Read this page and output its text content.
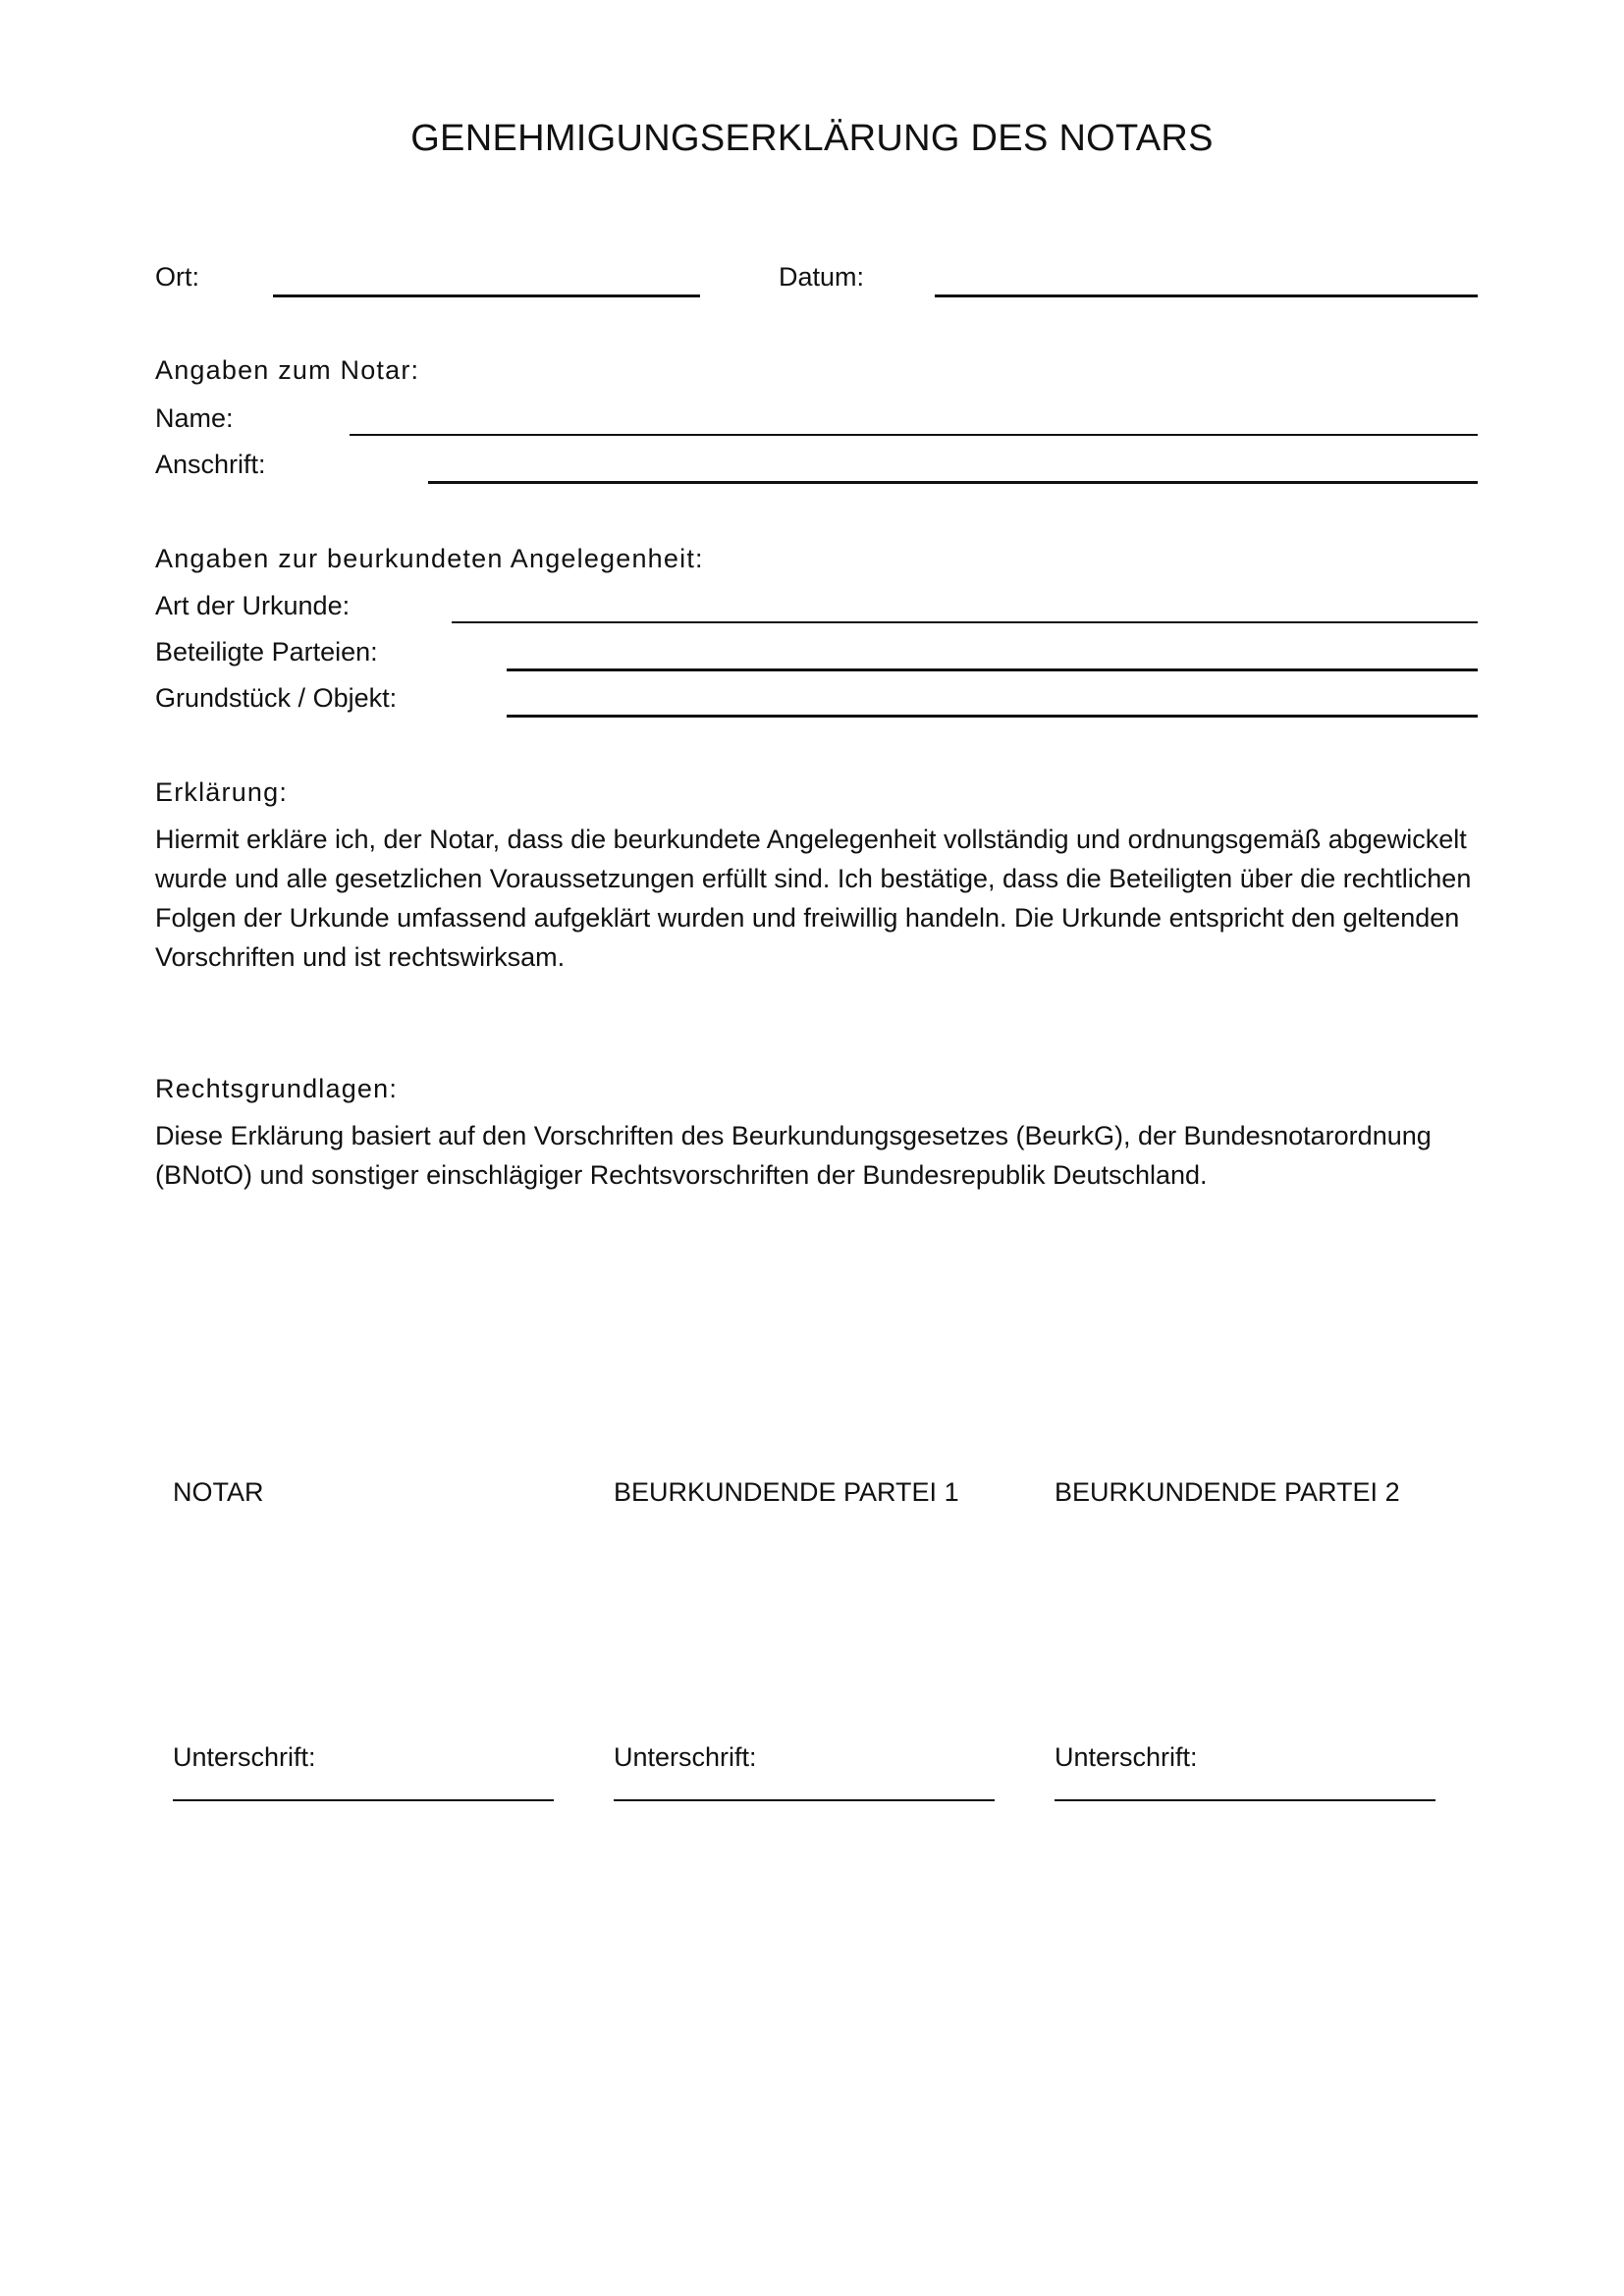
GENEHMIGUNGSERKLÄRUNG DES NOTARS
Ort:	Datum:
Angaben zum Notar:
Name:
Anschrift:
Angaben zur beurkundeten Angelegenheit:
Art der Urkunde:
Beteiligte Parteien:
Grundstück / Objekt:
Erklärung:
Hiermit erkläre ich, der Notar, dass die beurkundete Angelegenheit vollständig und ordnungsgemäß abgewickelt wurde und alle gesetzlichen Voraussetzungen erfüllt sind. Ich bestätige, dass die Beteiligten über die rechtlichen Folgen der Urkunde umfassend aufgeklärt wurden und freiwillig handeln. Die Urkunde entspricht den geltenden Vorschriften und ist rechtswirksam.
Rechtsgrundlagen:
Diese Erklärung basiert auf den Vorschriften des Beurkundungsgesetzes (BeurkG), der Bundesnotarordnung (BNotO) und sonstiger einschlägiger Rechtsvorschriften der Bundesrepublik Deutschland.
NOTAR
Unterschrift:
BEURKUNDENDE PARTEI 1
Unterschrift:
BEURKUNDENDE PARTEI 2
Unterschrift:
